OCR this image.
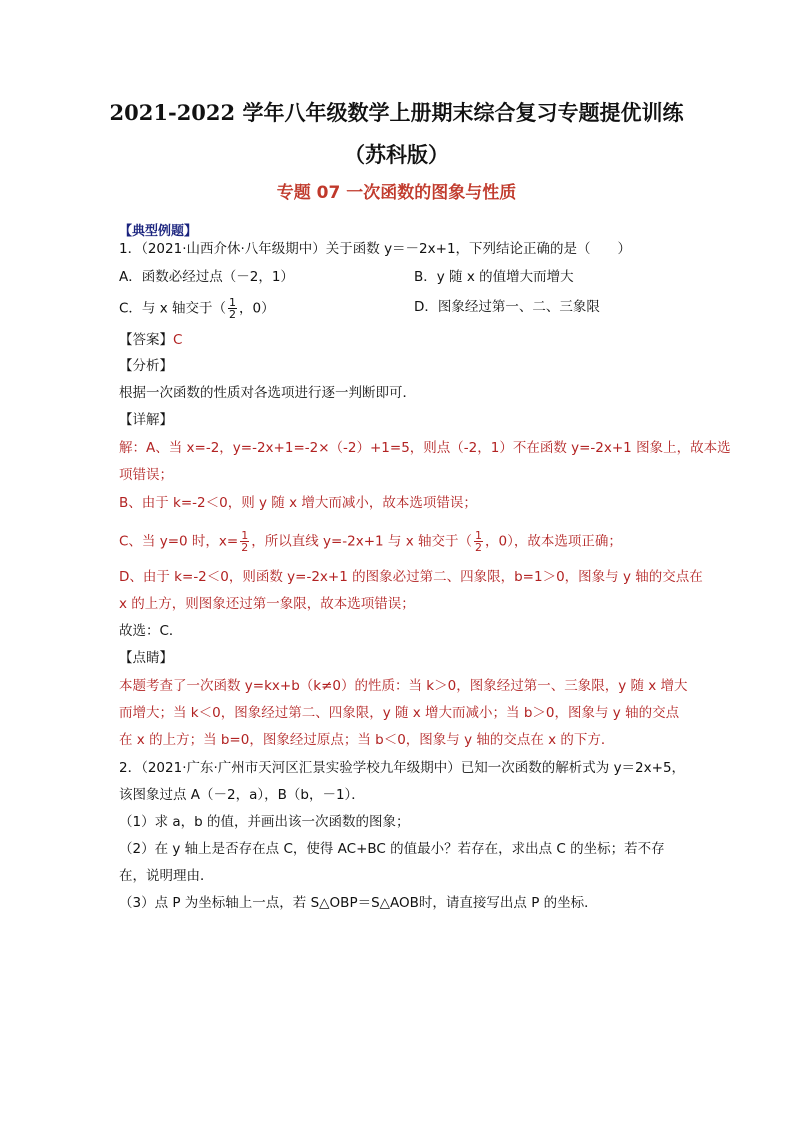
2021-2022 学年八年级数学上册期末综合复习专题提优训练
（苏科版）
专题 07 一次函数的图象与性质
【典型例题】
1．（2021·山西介休·八年级期中）关于函数 y＝－2x+1，下列结论正确的是（　　）
A．函数必经过点（－2，1）	B．y 随 x 的值增大而增大
C．与 x 轴交于（ $\frac{1}{2}$ ，0）	D．图象经过第一、二、三象限
【答案】C
【分析】
根据一次函数的性质对各选项进行逐一判断即可．
【详解】
解：A、当 x=-2，y=-2x+1=-2×（-2）+1=5，则点（-2，1）不在函数 y=-2x+1 图象上，故本选
项错误；
B、由于 k=-2＜0，则 y 随 x 增大而减小，故本选项错误；
C、当 y=0 时，$x= \frac{1}{2}$ ，所以直线 y=-2x+1 与 x 轴交于（ $\frac{1}{2}$ ，0），故本选项正确；
D、由于 k=-2＜0，则函数 y=-2x+1 的图象必过第二、四象限，b=1＞0，图象与 y 轴的交点在
x 的上方，则图象还过第一象限，故本选项错误；
故选：C．
【点睛】
本题考查了一次函数 y=kx+b（k≠0）的性质：当 k＞0，图象经过第一、三象限，y 随 x 增大
而增大；当 k＜0，图象经过第二、四象限，y 随 x 增大而减小；当 b＞0，图象与 y 轴的交点
在 x 的上方；当 b=0，图象经过原点；当 b＜0，图象与 y 轴的交点在 x 的下方．
2．（2021·广东·广州市天河区汇景实验学校九年级期中）已知一次函数的解析式为 y＝2x+5，
该图象过点 A（－2，a），B（b，－1）．
（1）求 a，b 的值，并画出该一次函数的图象；
（2）在 y 轴上是否存在点 C，使得 AC+BC 的值最小？若存在，求出点 C 的坐标；若不存
在，说明理由．
（3）点 P 为坐标轴上一点，若 S△OBP＝S△AOB时，请直接写出点 P 的坐标．
